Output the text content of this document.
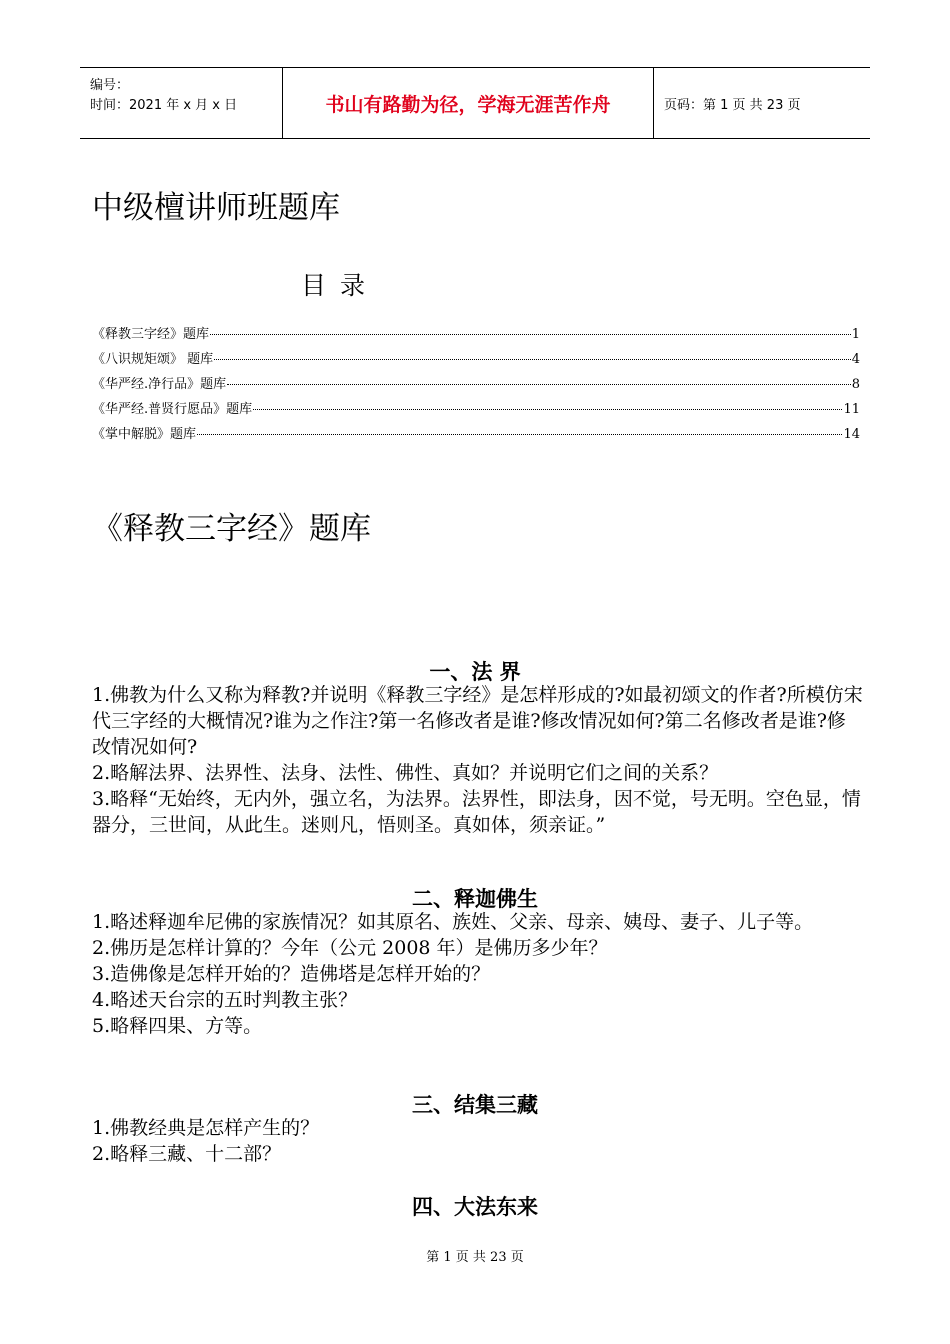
编号：
时间：2021 年 x 月 x 日	书山有路勤为径，学海无涯苦作舟	页码：第 1 页 共 23 页
中级檀讲师班题库
目录
《释教三字经》题库	1
《八识规矩颂》 题库	4
《华严经.净行品》题库	8
《华严经.普贤行愿品》题库	11
《掌中解脱》题库	14
《释教三字经》题库
一、法 界
1.佛教为什么又称为释教?并说明《释教三字经》是怎样形成的?如最初颂文的作者?所模仿宋代三字经的大概情况?谁为之作注?第一名修改者是谁?修改情况如何?第二名修改者是谁?修改情况如何?
2.略解法界、法界性、法身、法性、佛性、真如？并说明它们之间的关系？
3.略释“无始终，无内外，强立名，为法界。法界性，即法身，因不觉，号无明。空色显，情器分，三世间，从此生。迷则凡，悟则圣。真如体，须亲证。”
二、释迦佛生
1.略述释迦牟尼佛的家族情况？如其原名、族姓、父亲、母亲、姨母、妻子、儿子等。
2.佛历是怎样计算的？今年（公元 2008 年）是佛历多少年？
3.造佛像是怎样开始的？造佛塔是怎样开始的？
4.略述天台宗的五时判教主张？
5.略释四果、方等。
三、结集三藏
1.佛教经典是怎样产生的？
2.略释三藏、十二部？
四、大法东来
第 1 页 共 23 页
